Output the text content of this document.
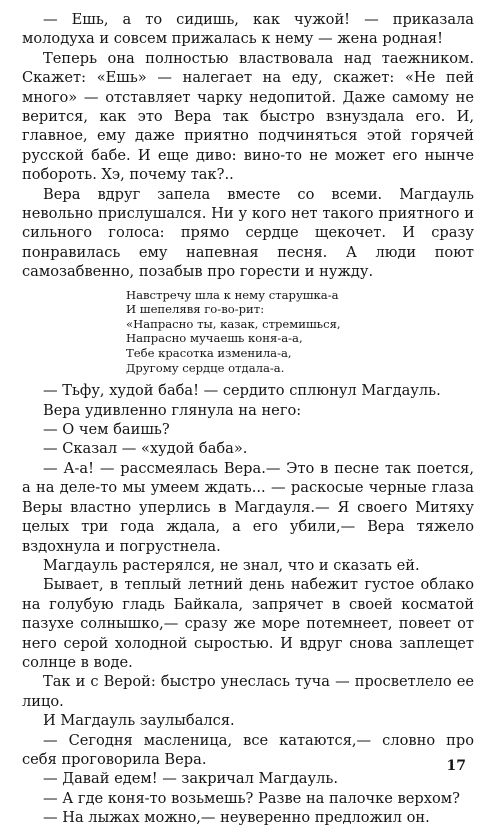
— Ешь, а то сидишь, как чужой! — приказала молодуха и совсем прижалась к нему — жена родная!

Теперь она полностью властвовала над таежником. Скажет: «Ешь» — налегает на еду, скажет: «Не пей много» — отставляет чарку недопитой. Даже самому не верится, как это Вера так быстро взнуздала его. И, главное, ему даже приятно подчиняться этой горячей русской бабе. И еще диво: вино-то не может его нынче побороть. Хэ, почему так?..

Вера вдруг запела вместе со всеми. Магдауль невольно прислушался. Ни у кого нет такого приятного и сильного голоса: прямо сердце щекочет. И сразу понравилась ему напевная песня. А люди поют самозабвенно, позабыв про горести и нужду.

Навстречу шла к нему старушка-а
И шепелявя го-во-рит:
«Напрасно ты, казак, стремишься,
Напрасно мучаешь коня-а-а,
Тебе красотка изменила-а,
Другому сердце отдала-а.

— Тьфу, худой баба! — сердито сплюнул Магдауль.

Вера удивленно глянула на него:

— О чем баишь?

— Сказал — «худой баба».

— А-а! — рассмеялась Вера.— Это в песне так поется, а на деле-то мы умеем ждать... — раскосые черные глаза Веры властно уперлись в Магдауля.— Я своего Митяху целых три года ждала, а его убили,— Вера тяжело вздохнула и погрустнела.

Магдауль растерялся, не знал, что и сказать ей.

Бывает, в теплый летний день набежит густое облако на голубую гладь Байкала, запрячет в своей косматой пазухе солнышко,— сразу же море потемнеет, повеет от него серой холодной сыростью. И вдруг снова заплещет солнце в воде.

Так и с Верой: быстро унеслась туча — просветлело ее лицо.

И Магдауль заулыбался.

— Сегодня масленица, все катаются,— словно про себя проговорила Вера.

— Давай едем! — закричал Магдауль.

— А где коня-то возьмешь? Разве на палочке верхом?

— На лыжах можно,— неуверенно предложил он.

17
